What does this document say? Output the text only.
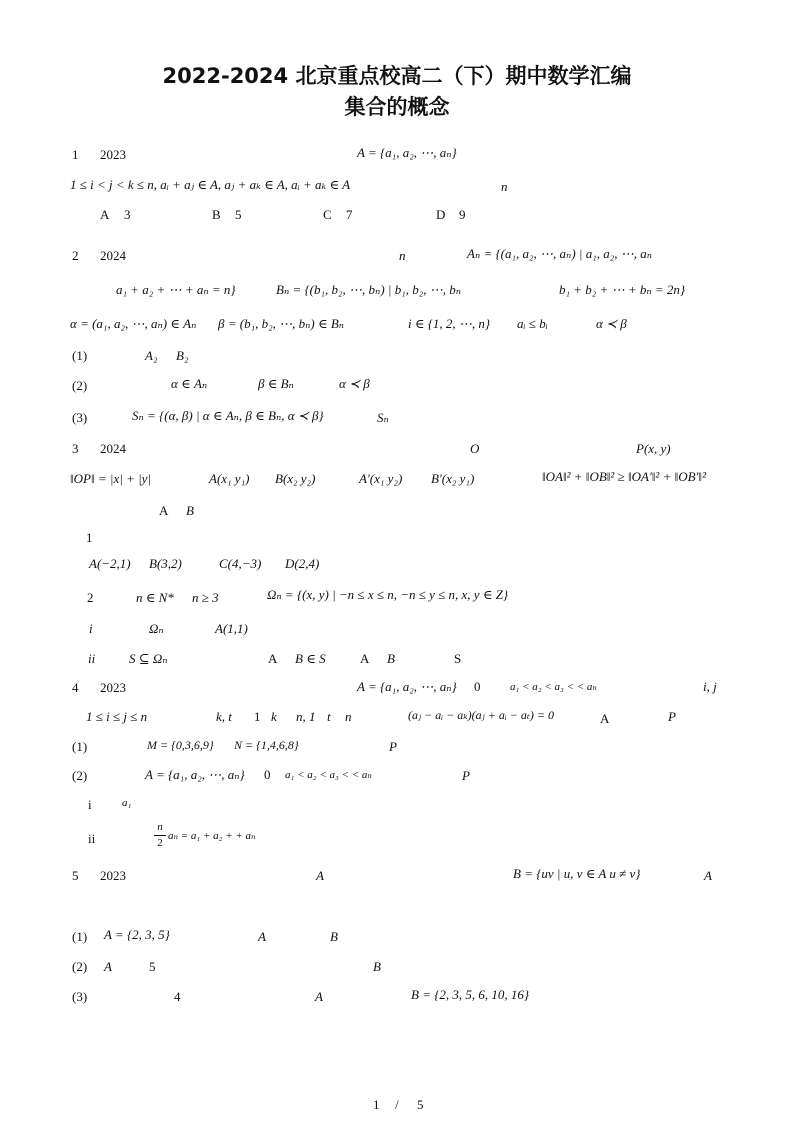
2022-2024 北京重点校高二（下）期中数学汇编
集合的概念
1 2023	A = {a₁, a₂, ⋯, aₙ}
1 ≤ i < j < k ≤ n, aᵢ + aⱼ ∈ A, aⱼ + aₖ ∈ A, aᵢ + aₖ ∈ A	n
A 3	B 5	C 7	D 9
2 2024	n	Aₙ = {(a₁, a₂, ⋯, aₙ) | a₁, a₂, ⋯, aₙ
a₁ + a₂ + ⋯ + aₙ = n}	Bₙ = {(b₁, b₂, ⋯, bₙ) | b₁, b₂, ⋯, bₙ	b₁ + b₂ + ⋯ + bₙ = 2n}
α = (a₁, a₂, ⋯, aₙ) ∈ Aₙ β = (b₁, b₂, ⋯, bₙ) ∈ Bₙ	i ∈ {1, 2, ⋯, n} aᵢ ≤ bᵢ	α ≺ β
(1)	A₂ B₂
(2)	α ∈ Aₙ	β ∈ Bₙ	α ≺ β
(3)	Sₙ = {(α, β) | α ∈ Aₙ, β ∈ Bₙ, α ≺ β}	Sₙ
3 2024	O	P(x, y)
‖OP‖ = |x| + |y|	A(x₁ y₁) B(x₂ y₂)	A′(x₁ y₂) B′(x₂ y₁)	‖OA‖² + ‖OB‖² ≥ ‖OA′‖² + ‖OB′‖²
A B
1
A(−2,1) B(3,2)	C(4,−3) D(2,4)
2	n ∈ N* n ≥ 3	Ωₙ = {(x, y) | −n ≤ x ≤ n, −n ≤ y ≤ n, x, y ∈ Z}
i	Ωₙ	A(1,1)
ii	S ⊆ Ωₙ	A B ∈ S	A B	S
4 2023	A = {a₁, a₂, ⋯, aₙ} 0	a₁ < a₂ < a₃ < < aₙ	i, j
1 ≤ i ≤ j ≤ n	k, t 1 k n, 1 t n	(aⱼ − aᵢ − aₖ)(aⱼ + aᵢ − aₜ) = 0	A	P
(1)	M = {0,3,6,9} N = {1,4,6,8}	P
(2)	A = {a₁, a₂, ⋯, aₙ} 0 a₁ < a₂ < a₃ < < aₙ	P
i	a₁
ii
n
2
aₙ = a₁ + a₂ + + aₙ
5 2023	A	B = {uv | u, v ∈ A u ≠ v}	A
(1) A = {2, 3, 5}	A	B
(2) A	5	B
(3)	4	A	B = {2, 3, 5, 6, 10, 16}
1 / 5
